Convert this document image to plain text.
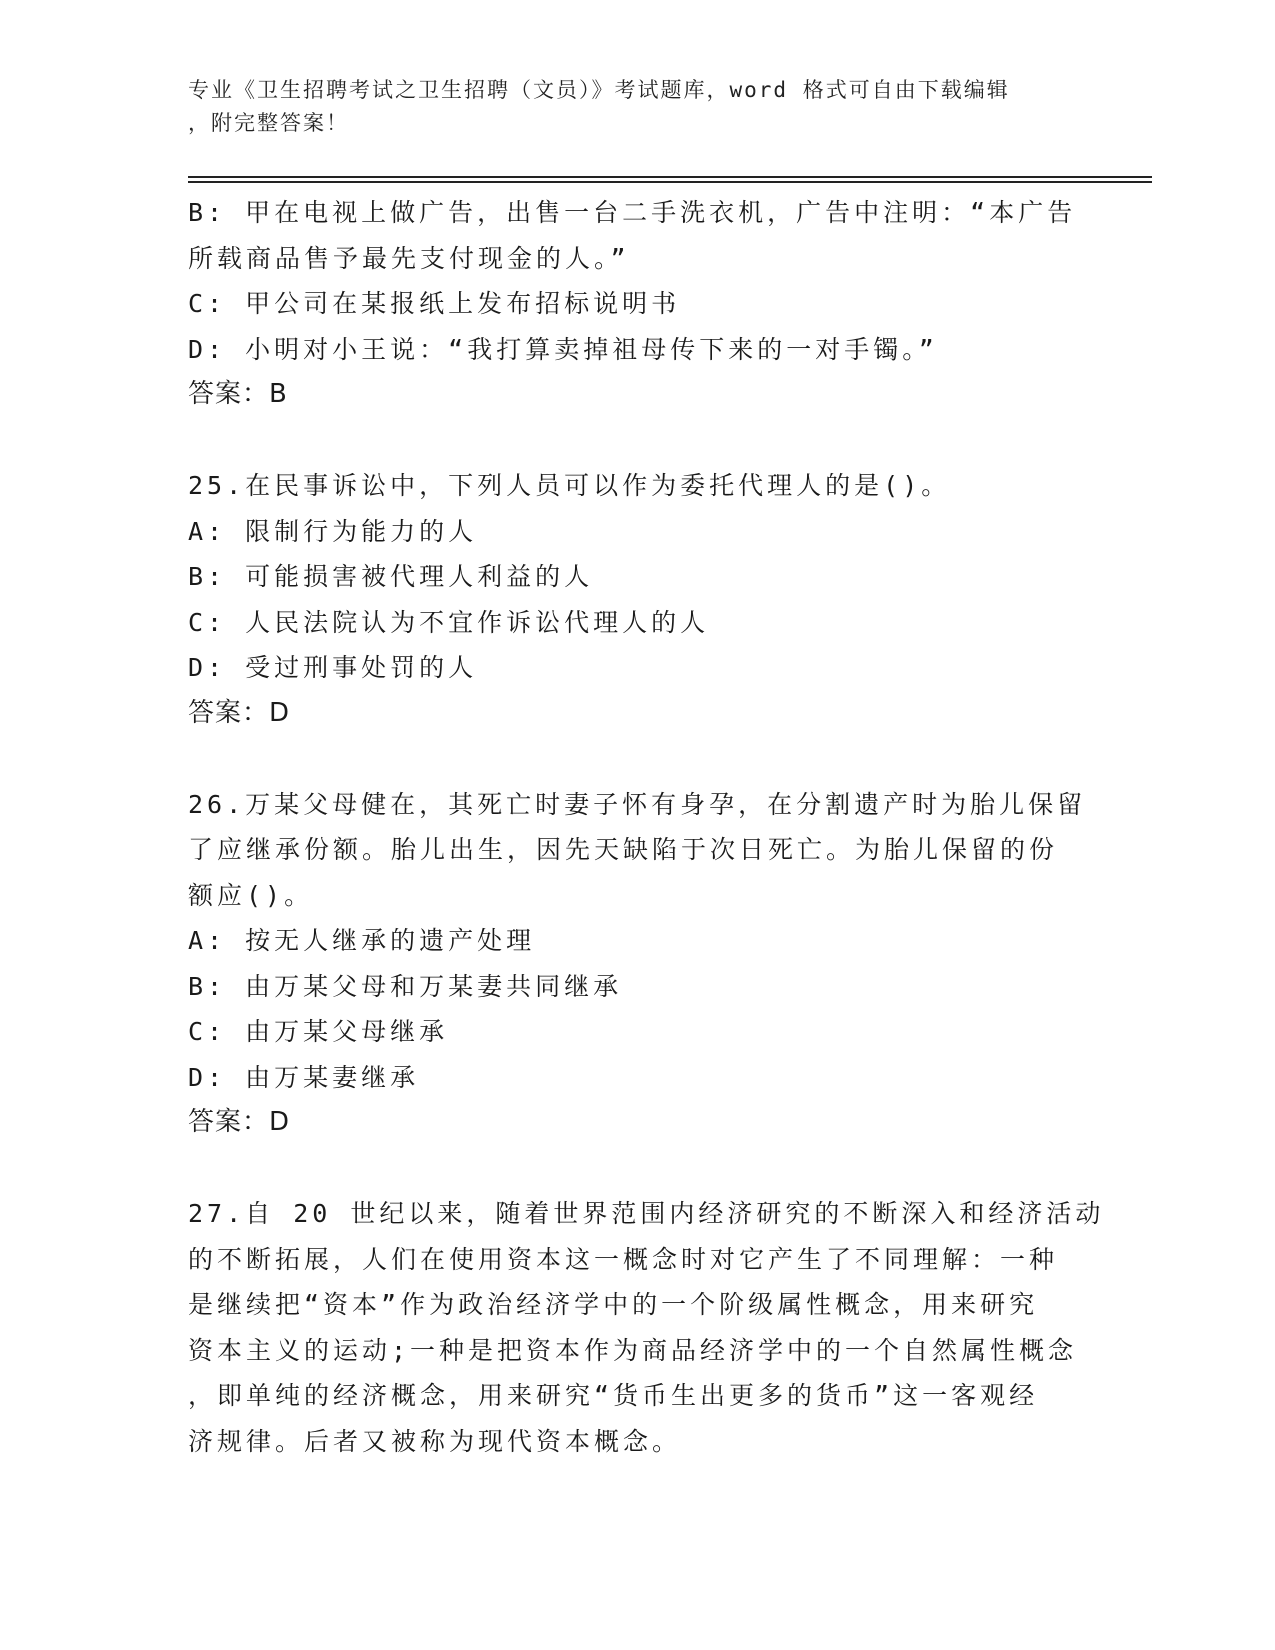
专业《卫生招聘考试之卫生招聘（文员）》考试题库，word 格式可自由下载编辑
，附完整答案！
B: 甲在电视上做广告，出售一台二手洗衣机，广告中注明：“本广告
所载商品售予最先支付现金的人。”
C: 甲公司在某报纸上发布招标说明书
D: 小明对小王说：“我打算卖掉祖母传下来的一对手镯。”
答案：B
25.在民事诉讼中，下列人员可以作为委托代理人的是()。
A: 限制行为能力的人
B: 可能损害被代理人利益的人
C: 人民法院认为不宜作诉讼代理人的人
D: 受过刑事处罚的人
答案：D
26.万某父母健在，其死亡时妻子怀有身孕，在分割遗产时为胎儿保留
了应继承份额。胎儿出生，因先天缺陷于次日死亡。为胎儿保留的份
额应()。
A: 按无人继承的遗产处理
B: 由万某父母和万某妻共同继承
C: 由万某父母继承
D: 由万某妻继承
答案：D
27.自 20 世纪以来，随着世界范围内经济研究的不断深入和经济活动
的不断拓展，人们在使用资本这一概念时对它产生了不同理解：一种
是继续把“资本”作为政治经济学中的一个阶级属性概念，用来研究
资本主义的运动;一种是把资本作为商品经济学中的一个自然属性概念
，即单纯的经济概念，用来研究“货币生出更多的货币”这一客观经
济规律。后者又被称为现代资本概念。
